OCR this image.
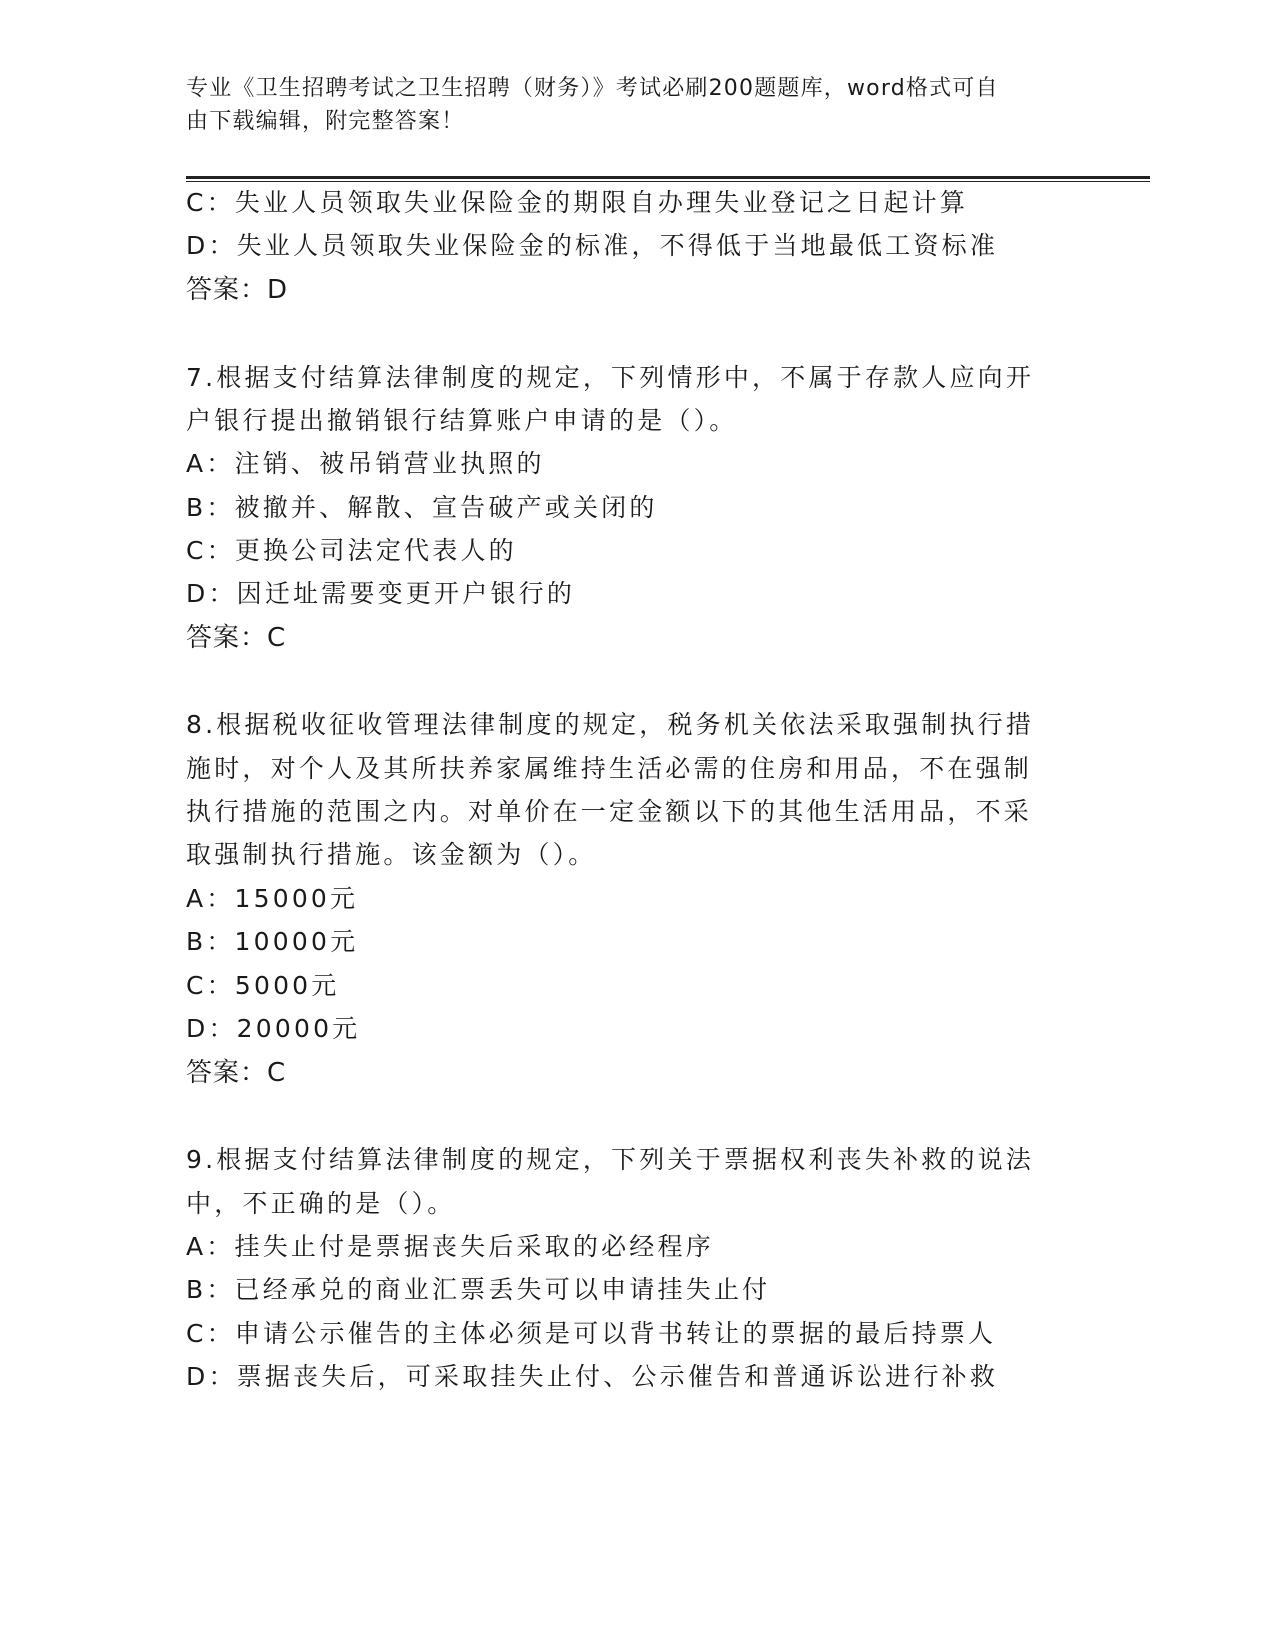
专业《卫生招聘考试之卫生招聘（财务）》考试必刷200题题库，word格式可自
由下载编辑，附完整答案！
C：失业人员领取失业保险金的期限自办理失业登记之日起计算
D：失业人员领取失业保险金的标准，不得低于当地最低工资标准
答案：D
7.根据支付结算法律制度的规定，下列情形中，不属于存款人应向开
户银行提出撤销银行结算账户申请的是（）。
A：注销、被吊销营业执照的
B：被撤并、解散、宣告破产或关闭的
C：更换公司法定代表人的
D：因迁址需要变更开户银行的
答案：C
8.根据税收征收管理法律制度的规定，税务机关依法采取强制执行措
施时，对个人及其所扶养家属维持生活必需的住房和用品，不在强制
执行措施的范围之内。对单价在一定金额以下的其他生活用品，不采
取强制执行措施。该金额为（）。
A：15000元
B：10000元
C：5000元
D：20000元
答案：C
9.根据支付结算法律制度的规定，下列关于票据权利丧失补救的说法
中，不正确的是（）。
A：挂失止付是票据丧失后采取的必经程序
B：已经承兑的商业汇票丢失可以申请挂失止付
C：申请公示催告的主体必须是可以背书转让的票据的最后持票人
D：票据丧失后，可采取挂失止付、公示催告和普通诉讼进行补救
